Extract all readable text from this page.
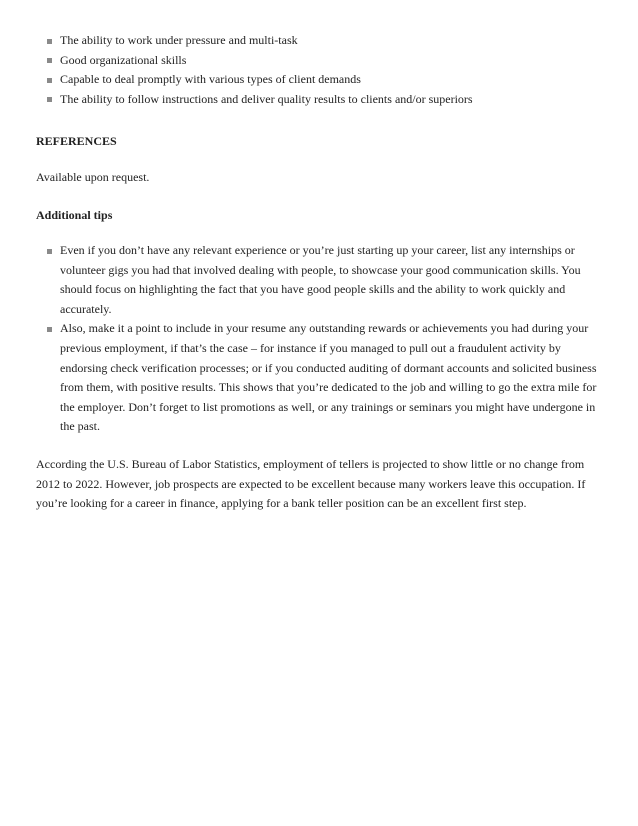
The ability to work under pressure and multi-task
Good organizational skills
Capable to deal promptly with various types of client demands
The ability to follow instructions and deliver quality results to clients and/or superiors

REFERENCES

Available upon request.

Additional tips

Even if you don’t have any relevant experience or you’re just starting up your career, list any internships or volunteer gigs you had that involved dealing with people, to showcase your good communication skills. You should focus on highlighting the fact that you have good people skills and the ability to work quickly and accurately.
Also, make it a point to include in your resume any outstanding rewards or achievements you had during your previous employment, if that’s the case – for instance if you managed to pull out a fraudulent activity by endorsing check verification processes; or if you conducted auditing of dormant accounts and solicited business from them, with positive results. This shows that you’re dedicated to the job and willing to go the extra mile for the employer. Don’t forget to list promotions as well, or any trainings or seminars you might have undergone in the past.

According the U.S. Bureau of Labor Statistics, employment of tellers is projected to show little or no change from 2012 to 2022. However, job prospects are expected to be excellent because many workers leave this occupation. If you’re looking for a career in finance, applying for a bank teller position can be an excellent first step.
